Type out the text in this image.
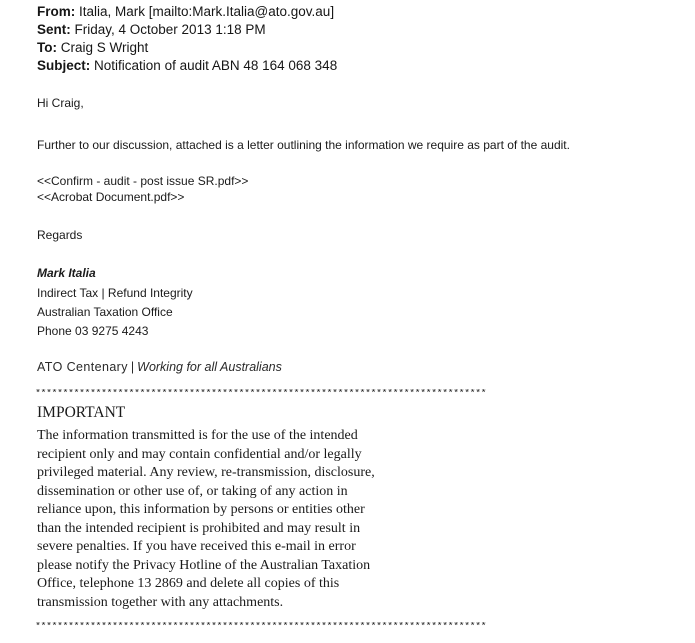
From: Italia, Mark [mailto:Mark.Italia@ato.gov.au]
Sent: Friday, 4 October 2013 1:18 PM
To: Craig S Wright
Subject: Notification of audit ABN 48 164 068 348
Hi Craig,
Further to our discussion, attached is a letter outlining the information we require as part of the audit.
<<Confirm - audit - post issue SR.pdf>>
<<Acrobat Document.pdf>>
Regards
Mark Italia
Indirect Tax | Refund Integrity
Australian Taxation Office
Phone 03 9275 4243
ATO Centenary | Working for all Australians
**********************************************************************************
IMPORTANT
The information transmitted is for the use of the intended
recipient only and may contain confidential and/or legally
privileged material. Any review, re-transmission, disclosure,
dissemination or other use of, or taking of any action in
reliance upon, this information by persons or entities other
than the intended recipient is prohibited and may result in
severe penalties. If you have received this e-mail in error
please notify the Privacy Hotline of the Australian Taxation
Office, telephone 13 2869 and delete all copies of this
transmission together with any attachments.
**********************************************************************************
